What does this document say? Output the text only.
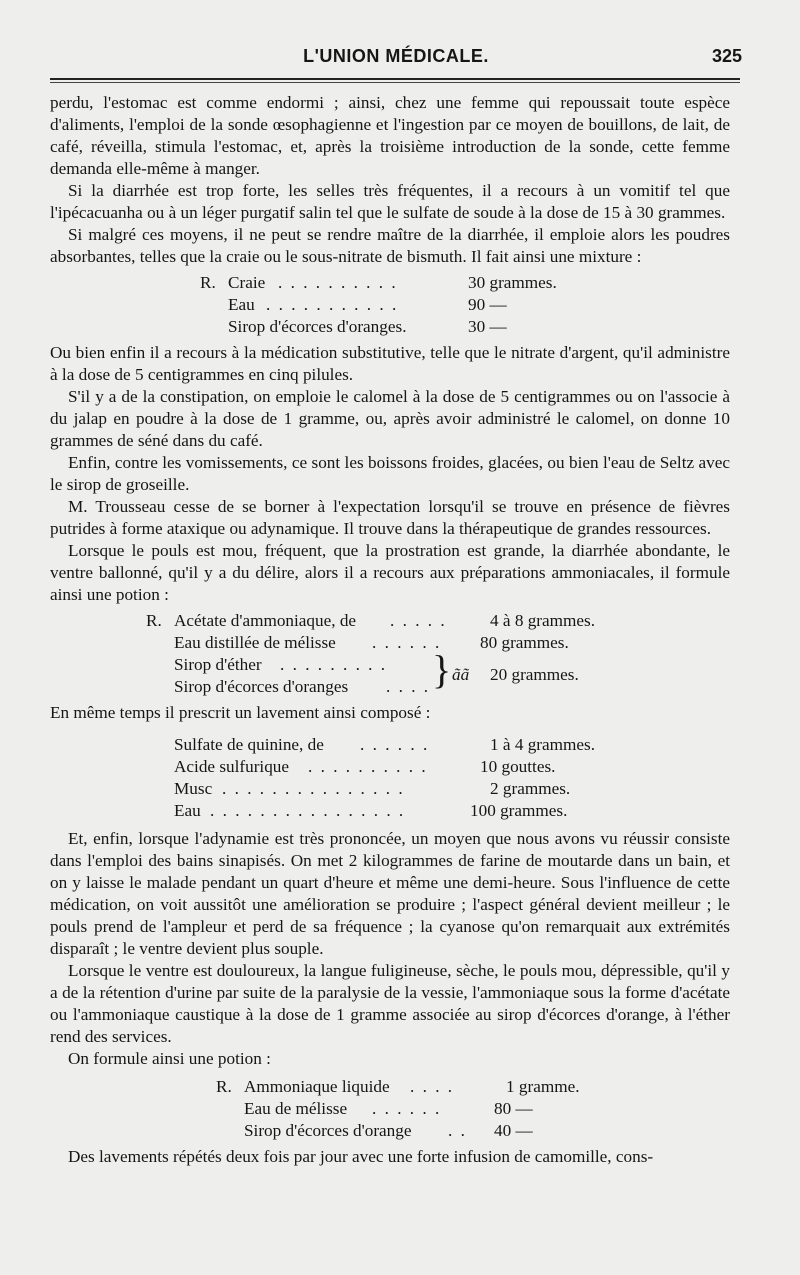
L'UNION MÉDICALE.	325

perdu, l'estomac est comme endormi ; ainsi, chez une femme qui repoussait toute espèce d'aliments, l'emploi de la sonde œsophagienne et l'ingestion par ce moyen de bouillons, de lait, de café, réveilla, stimula l'estomac, et, après la troisième introduction de la sonde, cette femme demanda elle-même à manger.

Si la diarrhée est trop forte, les selles très fréquentes, il a recours à un vomitif tel que l'ipécacuanha ou à un léger purgatif salin tel que le sulfate de soude à la dose de 15 à 30 grammes.

Si malgré ces moyens, il ne peut se rendre maître de la diarrhée, il emploie alors les poudres absorbantes, telles que la craie ou le sous-nitrate de bismuth. Il fait ainsi une mixture :

R. Craie . . . . . . . . . .	30 grammes.
Eau . . . . . . . . . . .	90 —
Sirop d'écorces d'oranges.	30 —

Ou bien enfin il a recours à la médication substitutive, telle que le nitrate d'argent, qu'il administre à la dose de 5 centigrammes en cinq pilules.

S'il y a de la constipation, on emploie le calomel à la dose de 5 centigrammes ou on l'associe à du jalap en poudre à la dose de 1 gramme, ou, après avoir administré le calomel, on donne 10 grammes de séné dans du café.

Enfin, contre les vomissements, ce sont les boissons froides, glacées, ou bien l'eau de Seltz avec le sirop de groseille.

M. Trousseau cesse de se borner à l'expectation lorsqu'il se trouve en présence de fièvres putrides à forme ataxique ou adynamique. Il trouve dans la thérapeutique de grandes ressources.

Lorsque le pouls est mou, fréquent, que la prostration est grande, la diarrhée abondante, le ventre ballonné, qu'il y a du délire, alors il a recours aux préparations ammoniacales, il formule ainsi une potion :

R. Acétate d'ammoniaque, de . . . . .	4 à 8 grammes.
Eau distillée de mélisse . . . . . . 80 grammes.
Sirop d'éther . . . . . . . . .
Sirop d'écorces d'oranges . . . . } ãã 20 grammes.

En même temps il prescrit un lavement ainsi composé :

Sulfate de quinine, de . . . . . .	1 à 4 grammes.
Acide sulfurique . . . . . . . . . .	10 gouttes.
Musc . . . . . . . . . . . . . . .	2 grammes.
Eau . . . . . . . . . . . . . . . .	100 grammes.

Et, enfin, lorsque l'adynamie est très prononcée, un moyen que nous avons vu réussir consiste dans l'emploi des bains sinapisés. On met 2 kilogrammes de farine de moutarde dans un bain, et on y laisse le malade pendant un quart d'heure et même une demi-heure. Sous l'influence de cette médication, on voit aussitôt une amélioration se produire ; l'aspect général devient meilleur ; le pouls prend de l'ampleur et perd de sa fréquence ; la cyanose qu'on remarquait aux extrémités disparaît ; le ventre devient plus souple.

Lorsque le ventre est douloureux, la langue fuligineuse, sèche, le pouls mou, dépressible, qu'il y a de la rétention d'urine par suite de la paralysie de la vessie, l'ammoniaque sous la forme d'acétate ou l'ammoniaque caustique à la dose de 1 gramme associée au sirop d'écorces d'orange, à l'éther rend des services.

On formule ainsi une potion :

R. Ammoniaque liquide . . . .	1 gramme.
Eau de mélisse . . . . . .	80 —
Sirop d'écorces d'orange . . 40 —

Des lavements répétés deux fois par jour avec une forte infusion de camomille, cons-
